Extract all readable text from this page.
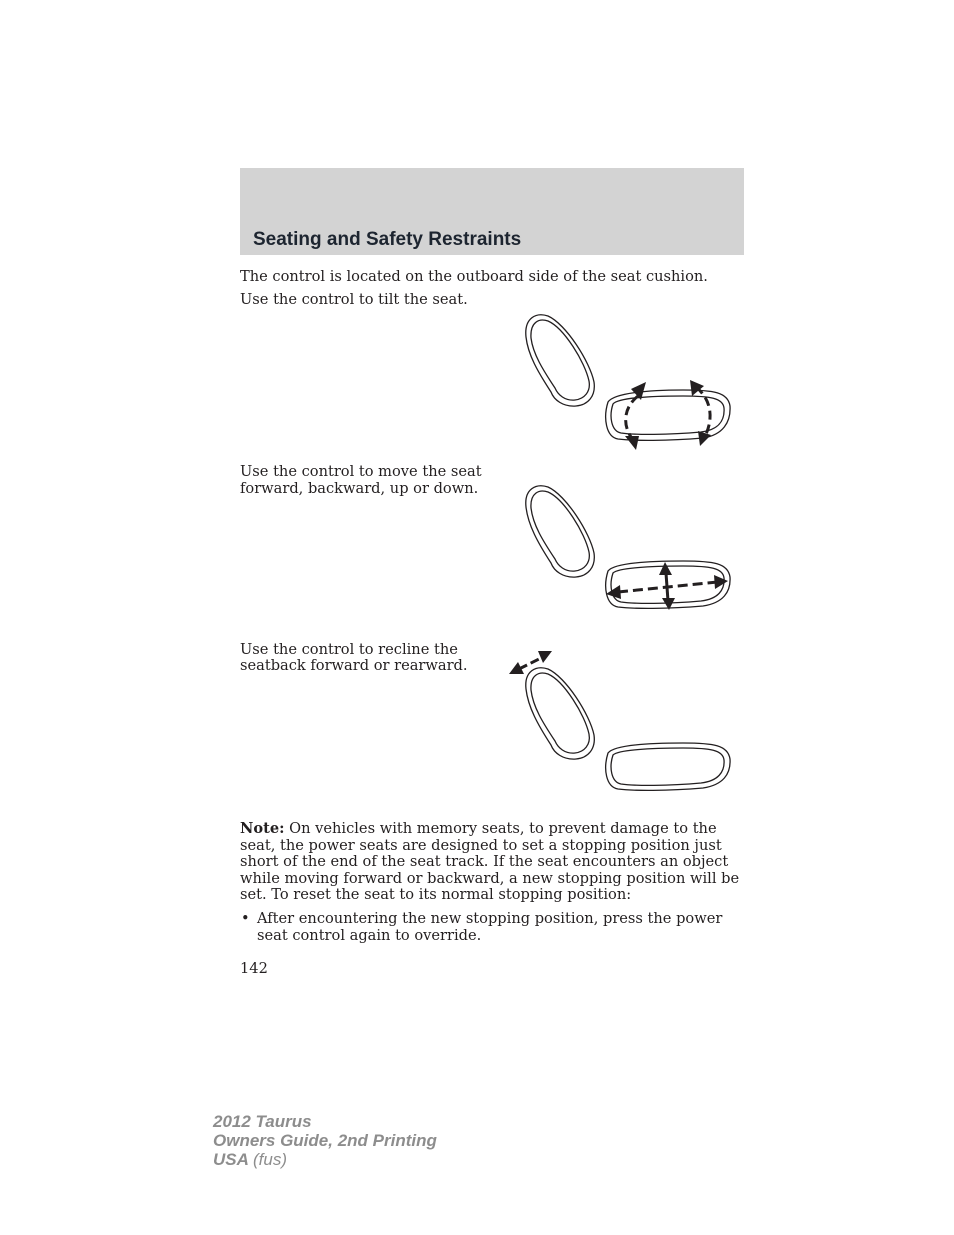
Seating and Safety Restraints

The control is located on the outboard side of the seat cushion.

Use the control to tilt the seat.

Use the control to move the seat forward, backward, up or down.

Use the control to recline the seatback forward or rearward.

Note: On vehicles with memory seats, to prevent damage to the seat, the power seats are designed to set a stopping position just short of the end of the seat track. If the seat encounters an object while moving forward or backward, a new stopping position will be set. To reset the seat to its normal stopping position:

• After encountering the new stopping position, press the power seat control again to override.
142
2012 Taurus
Owners Guide, 2nd Printing
USA (fus)
